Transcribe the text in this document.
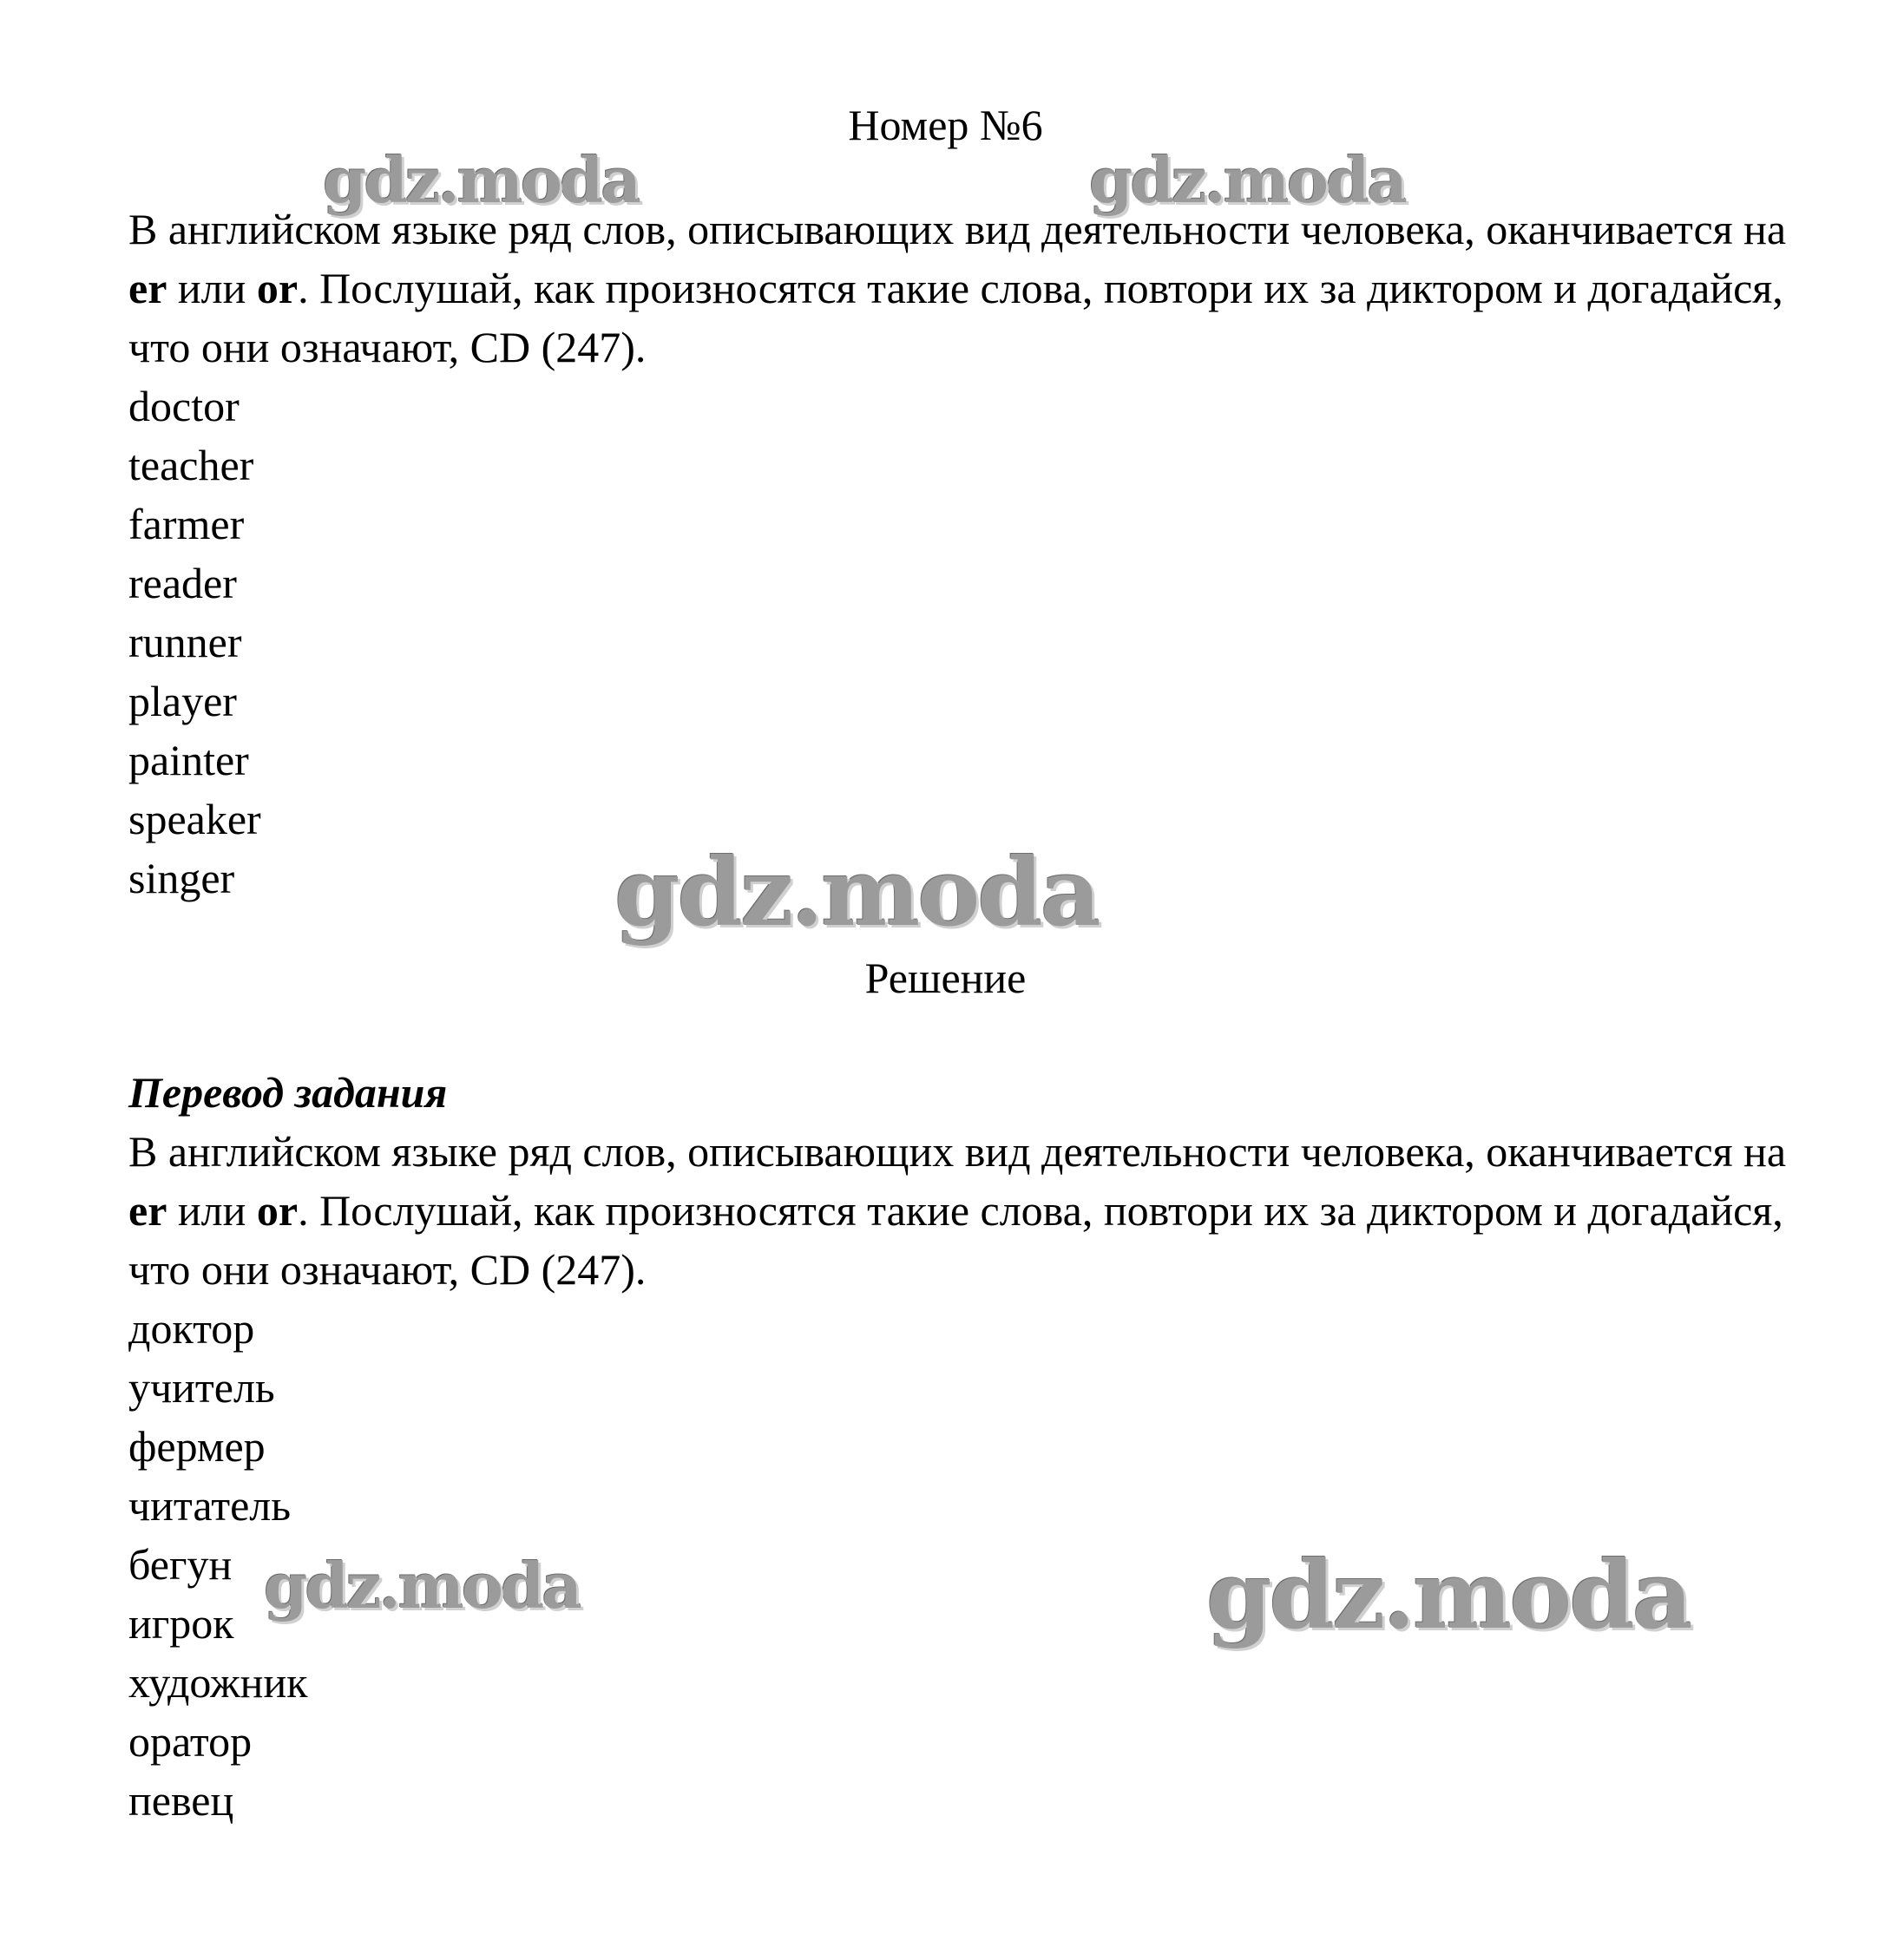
Номер №6

В английском языке ряд слов, описывающих вид деятельности человека, оканчивается на er или or. Послушай, как произносятся такие слова, повтори их за диктором и догадайся, что они означают, CD (247).

doctor
teacher
farmer
reader
runner
player
painter
speaker
singer
Решение

Перевод задания

В английском языке ряд слов, описывающих вид деятельности человека, оканчивается на er или or. Послушай, как произносятся такие слова, повтори их за диктором и догадайся, что они означают, CD (247).

доктор
учитель
фермер
читатель
бегун
игрок
художник
оратор
певец
gdz.moda	gdz.moda
gdz.moda
gdz.moda	gdz.moda
